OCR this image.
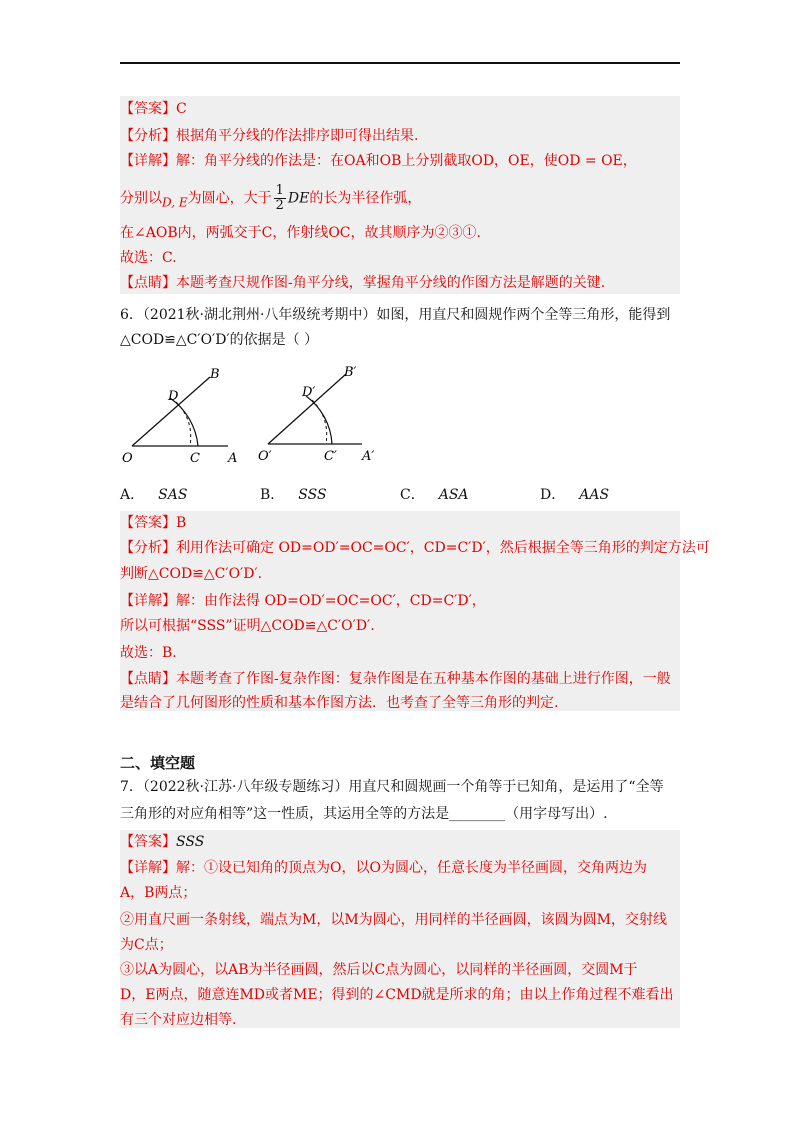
【答案】C
【分析】根据角平分线的作法排序即可得出结果.
【详解】解：角平分线的作法是：在OA和OB上分别截取OD，OE，使OD = OE，
分别以D, E为圆心，大于 $\frac{1}{2}$ DE的长为半径作弧，
在∠AOB内，两弧交于C，作射线OC，故其顺序为②③①.
故选：C.
【点睛】本题考查尺规作图-角平分线，掌握角平分线的作图方法是解题的关键.
6．（2021秋·湖北荆州·八年级统考期中）如图，用直尺和圆规作两个全等三角形，能得到
△COD≌△C′O′D′的依据是（ ）
B
D
O	C A
B′
D′
O′	C′ A′
A． SAS	B． SSS	C． ASA	D． AAS
【答案】B
【分析】利用作法可确定 OD=OD′=OC=OC′，CD=C′D′，然后根据全等三角形的判定方法可
判断△COD≌△C′O′D′.
【详解】解：由作法得 OD=OD′=OC=OC′，CD=C′D′，
所以可根据“SSS”证明△COD≌△C′O′D′.
故选：B.
【点睛】本题考查了作图-复杂作图：复杂作图是在五种基本作图的基础上进行作图，一般
是结合了几何图形的性质和基本作图方法．也考查了全等三角形的判定.
二、填空题
7．（2022秋·江苏·八年级专题练习）用直尺和圆规画一个角等于已知角，是运用了“全等
三角形的对应角相等”这一性质，其运用全等的方法是________（用字母写出）.
【答案】SSS
【详解】解：①设已知角的顶点为O，以O为圆心，任意长度为半径画圆，交角两边为
A，B两点；
②用直尺画一条射线，端点为M，以M为圆心，用同样的半径画圆，该圆为圆M，交射线
为C点；
③以A为圆心，以AB为半径画圆，然后以C点为圆心，以同样的半径画圆，交圆M于
D，E两点，随意连MD或者ME；得到的∠CMD就是所求的角；由以上作角过程不难看出
有三个对应边相等.
